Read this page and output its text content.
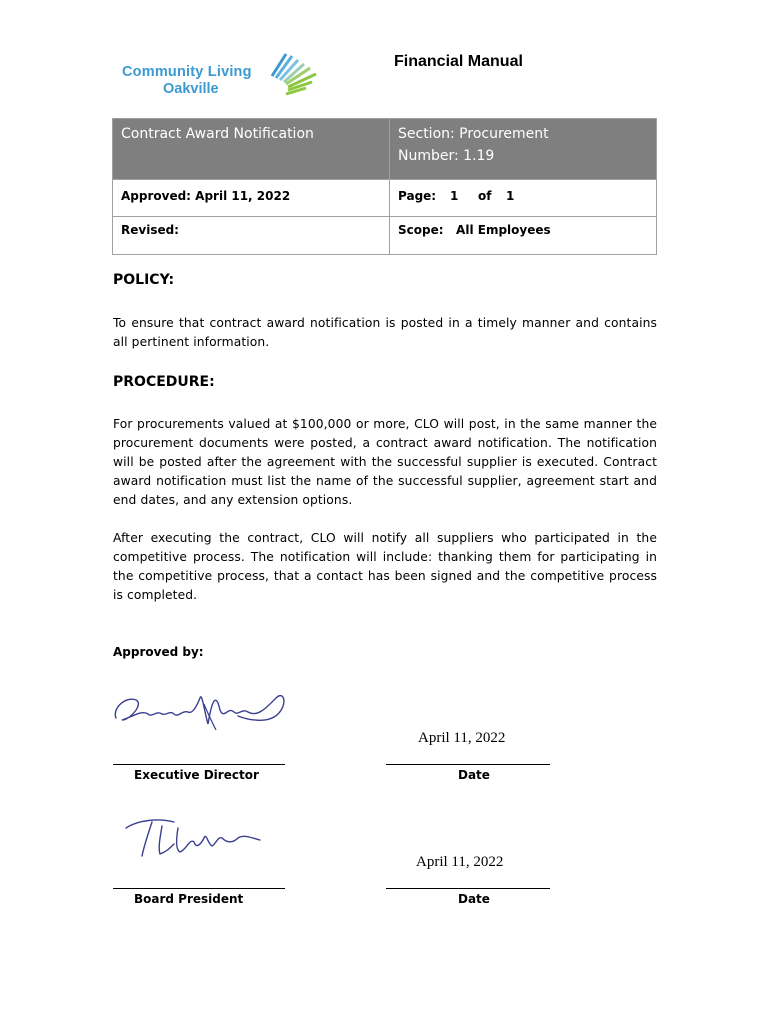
Community Living
Oakville
Financial Manual
Contract Award Notification	Section: Procurement
Number: 1.19

Approved: April 11, 2022	Page: 1 of 1
Revised:	Scope:   All Employees
POLICY:
To ensure that contract award notification is posted in a timely manner and contains all pertinent information.
PROCEDURE:
For procurements valued at $100,000 or more, CLO will post, in the same manner the procurement documents were posted, a contract award notification. The notification will be posted after the agreement with the successful supplier is executed. Contract award notification must list the name of the successful supplier, agreement start and end dates, and any extension options.
After executing the contract, CLO will notify all suppliers who participated in the competitive process. The notification will include: thanking them for participating in the competitive process, that a contact has been signed and the competitive process is completed.
Approved by:
Executive Director
April 11, 2022
Date
Board President
April 11, 2022
Date
